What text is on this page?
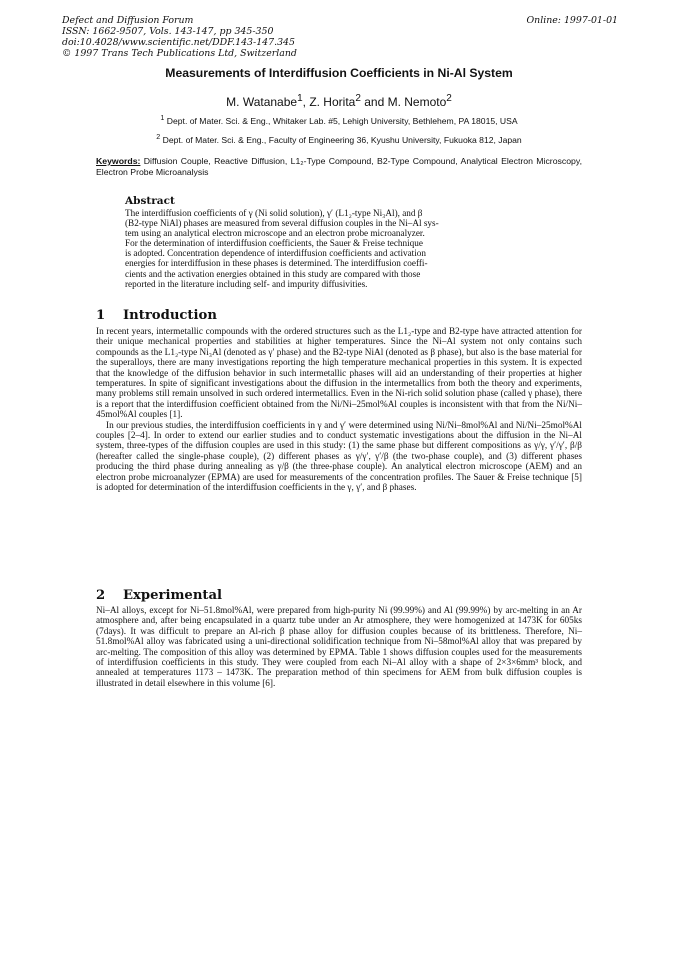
Defect and Diffusion Forum	Online: 1997-01-01
ISSN: 1662-9507, Vols. 143-147, pp 345-350
doi:10.4028/www.scientific.net/DDF.143-147.345
© 1997 Trans Tech Publications Ltd, Switzerland
Measurements of Interdiffusion Coefficients in Ni-Al System
M. Watanabe$^1$, Z. Horita$^2$ and M. Nemoto$^2$
$^1$ Dept. of Mater. Sci. & Eng., Whitaker Lab. #5, Lehigh University, Bethlehem, PA 18015, USA
$^2$ Dept. of Mater. Sci. & Eng., Faculty of Engineering 36, Kyushu University, Fukuoka 812, Japan
Keywords: Diffusion Couple, Reactive Diffusion, L1₂-Type Compound, B2-Type Compound, Analytical Electron Microscopy, Electron Probe Microanalysis
Abstract
The interdiffusion coefficients of γ (Ni solid solution), γ′ (L1₂-type Ni₃Al), and β
(B2-type NiAl) phases are measured from several diffusion couples in the Ni–Al sys-
tem using an analytical electron microscope and an electron probe microanalyzer.
For the determination of interdiffusion coefficients, the Sauer & Freise technique
is adopted. Concentration dependence of interdiffusion coefficients and activation
energies for interdiffusion in these phases is determined. The interdiffusion coeffi-
cients and the activation energies obtained in this study are compared with those
reported in the literature including self- and impurity diffusivities.
1 Introduction

In recent years, intermetallic compounds with the ordered structures such as the L1₂-type and B2-type have attracted attention for their unique mechanical properties and stabilities at higher temperatures. Since the Ni–Al system not only contains such compounds as the L1₂-type Ni₃Al (denoted as γ′ phase) and the B2-type NiAl (denoted as β phase), but also is the base material for the superalloys, there are many investigations reporting the high temperature mechanical properties in this system. It is expected that the knowledge of the diffusion behavior in such intermetallic phases will aid an understanding of their properties at higher temperatures. In spite of significant investigations about the diffusion in the intermetallics from both the theory and experiments, many problems still remain unsolved in such ordered intermetallics. Even in the Ni-rich solid solution phase (called γ phase), there is a report that the interdiffusion coefficient obtained from the Ni/Ni–25mol%Al couples is inconsistent with that from the Ni/Ni–45mol%Al couples [1].

In our previous studies, the interdiffusion coefficients in γ and γ′ were determined using Ni/Ni–8mol%Al and Ni/Ni–25mol%Al couples [2–4]. In order to extend our earlier studies and to conduct systematic investigations about the diffusion in the Ni–Al system, three-types of the diffusion couples are used in this study: (1) the same phase but different compositions as γ/γ, γ′/γ′, β/β (hereafter called the single-phase couple), (2) different phases as γ/γ′, γ′/β (the two-phase couple), and (3) different phases producing the third phase during annealing as γ/β (the three-phase couple). An analytical electron microscope (AEM) and an electron probe microanalyzer (EPMA) are used for measurements of the concentration profiles. The Sauer & Freise technique [5] is adopted for determination of the interdiffusion coefficients in the γ, γ′, and β phases.

2 Experimental

Ni–Al alloys, except for Ni–51.8mol%Al, were prepared from high-purity Ni (99.99%) and Al (99.99%) by arc-melting in an Ar atmosphere and, after being encapsulated in a quartz tube under an Ar atmosphere, they were homogenized at 1473K for 605ks (7days). It was difficult to prepare an Al-rich β phase alloy for diffusion couples because of its brittleness. Therefore, Ni–51.8mol%Al alloy was fabricated using a uni-directional solidification technique from Ni–58mol%Al alloy that was prepared by arc-melting. The composition of this alloy was determined by EPMA. Table 1 shows diffusion couples used for the measurements of interdiffusion coefficients in this study. They were coupled from each Ni–Al alloy with a shape of 2×3×6mm³ block, and annealed at temperatures 1173 – 1473K. The preparation method of thin specimens for AEM from bulk diffusion couples is illustrated in detail elsewhere in this volume [6].
